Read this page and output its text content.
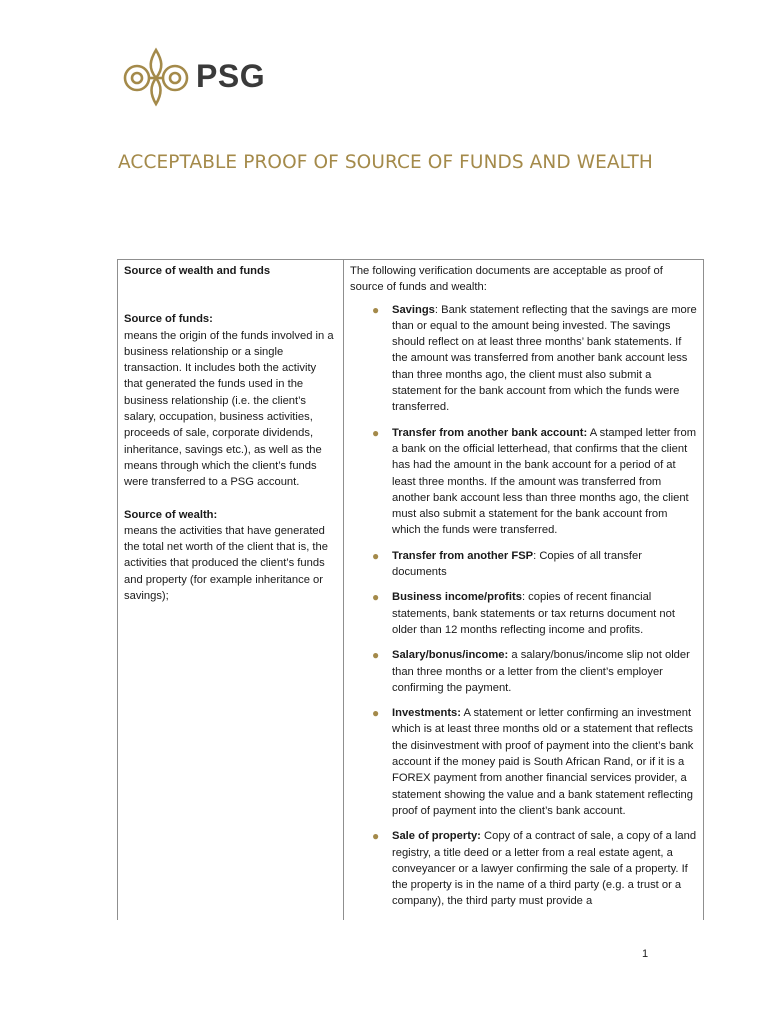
PSG
ACCEPTABLE PROOF OF SOURCE OF FUNDS AND WEALTH

Source of wealth and funds

Source of funds:

means the origin of the funds involved in a business relationship or a single transaction. It includes both the activity that generated the funds used in the business relationship (i.e. the client’s salary, occupation, business activities, proceeds of sale, corporate dividends, inheritance, savings etc.), as well as the means through which the client’s funds were transferred to a PSG account.

Source of wealth:

means the activities that have generated the total net worth of the client that is, the activities that produced the client’s funds and property (for example inheritance or savings);

The following verification documents are acceptable as proof of source of funds and wealth:

● Savings: Bank statement reflecting that the savings are more than or equal to the amount being invested. The savings should reflect on at least three months’ bank statements. If the amount was transferred from another bank account less than three months ago, the client must also submit a statement for the bank account from which the funds were transferred.
● Transfer from another bank account: A stamped letter from a bank on the official letterhead, that confirms that the client has had the amount in the bank account for a period of at least three months. If the amount was transferred from another bank account less than three months ago, the client must also submit a statement for the bank account from which the funds were transferred.
● Transfer from another FSP: Copies of all transfer documents
● Business income/profits: copies of recent financial statements, bank statements or tax returns document not older than 12 months reflecting income and profits.
● Salary/bonus/income: a salary/bonus/income slip not older than three months or a letter from the client’s employer confirming the payment.
● Investments: A statement or letter confirming an investment which is at least three months old or a statement that reflects the disinvestment with proof of payment into the client’s bank account if the money paid is South African Rand, or if it is a FOREX payment from another financial services provider, a statement showing the value and a bank statement reflecting proof of payment into the client’s bank account.
● Sale of property: Copy of a contract of sale, a copy of a land registry, a title deed or a letter from a real estate agent, a conveyancer or a lawyer confirming the sale of a property. If the property is in the name of a third party (e.g. a trust or a company), the third party must provide a
1
